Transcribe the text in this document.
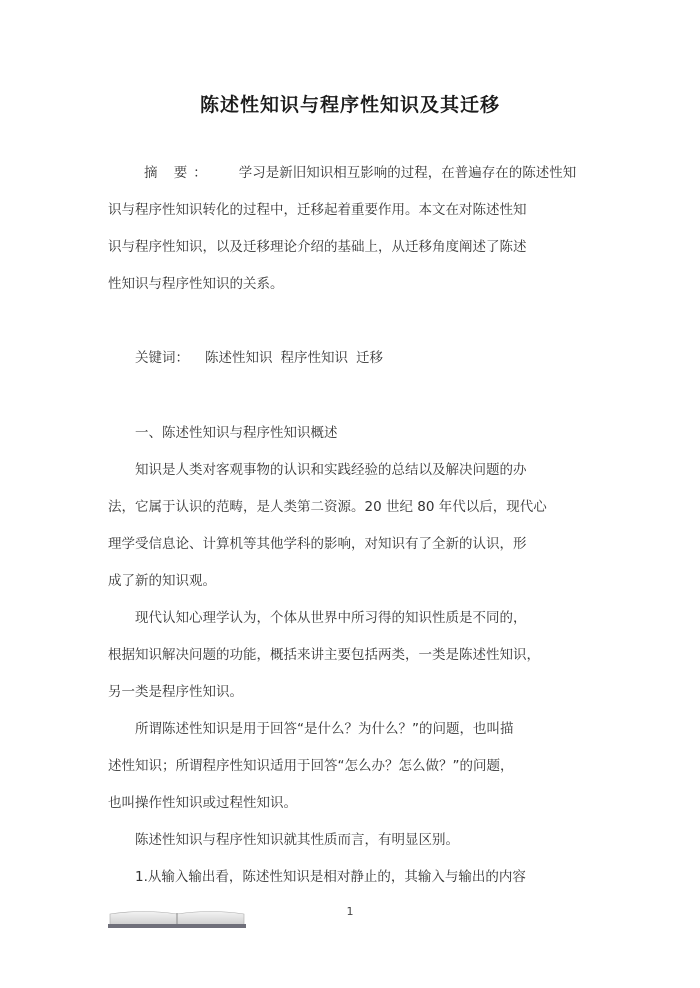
陈述性知识与程序性知识及其迁移
摘 要： 学习是新旧知识相互影响的过程，在普遍存在的陈述性知
识与程序性知识转化的过程中，迁移起着重要作用。本文在对陈述性知
识与程序性知识，以及迁移理论介绍的基础上，从迁移角度阐述了陈述
性知识与程序性知识的关系。
关键词： 陈述性知识 程序性知识 迁移
一、陈述性知识与程序性知识概述
知识是人类对客观事物的认识和实践经验的总结以及解决问题的办
法，它属于认识的范畴，是人类第二资源。20 世纪 80 年代以后，现代心
理学受信息论、计算机等其他学科的影响，对知识有了全新的认识，形
成了新的知识观。
现代认知心理学认为，个体从世界中所习得的知识性质是不同的，
根据知识解决问题的功能，概括来讲主要包括两类，一类是陈述性知识，
另一类是程序性知识。
所谓陈述性知识是用于回答“是什么？为什么？”的问题，也叫描
述性知识；所谓程序性知识适用于回答“怎么办？怎么做？”的问题，
也叫操作性知识或过程性知识。
陈述性知识与程序性知识就其性质而言，有明显区别。
1.从输入输出看，陈述性知识是相对静止的，其输入与输出的内容
1
